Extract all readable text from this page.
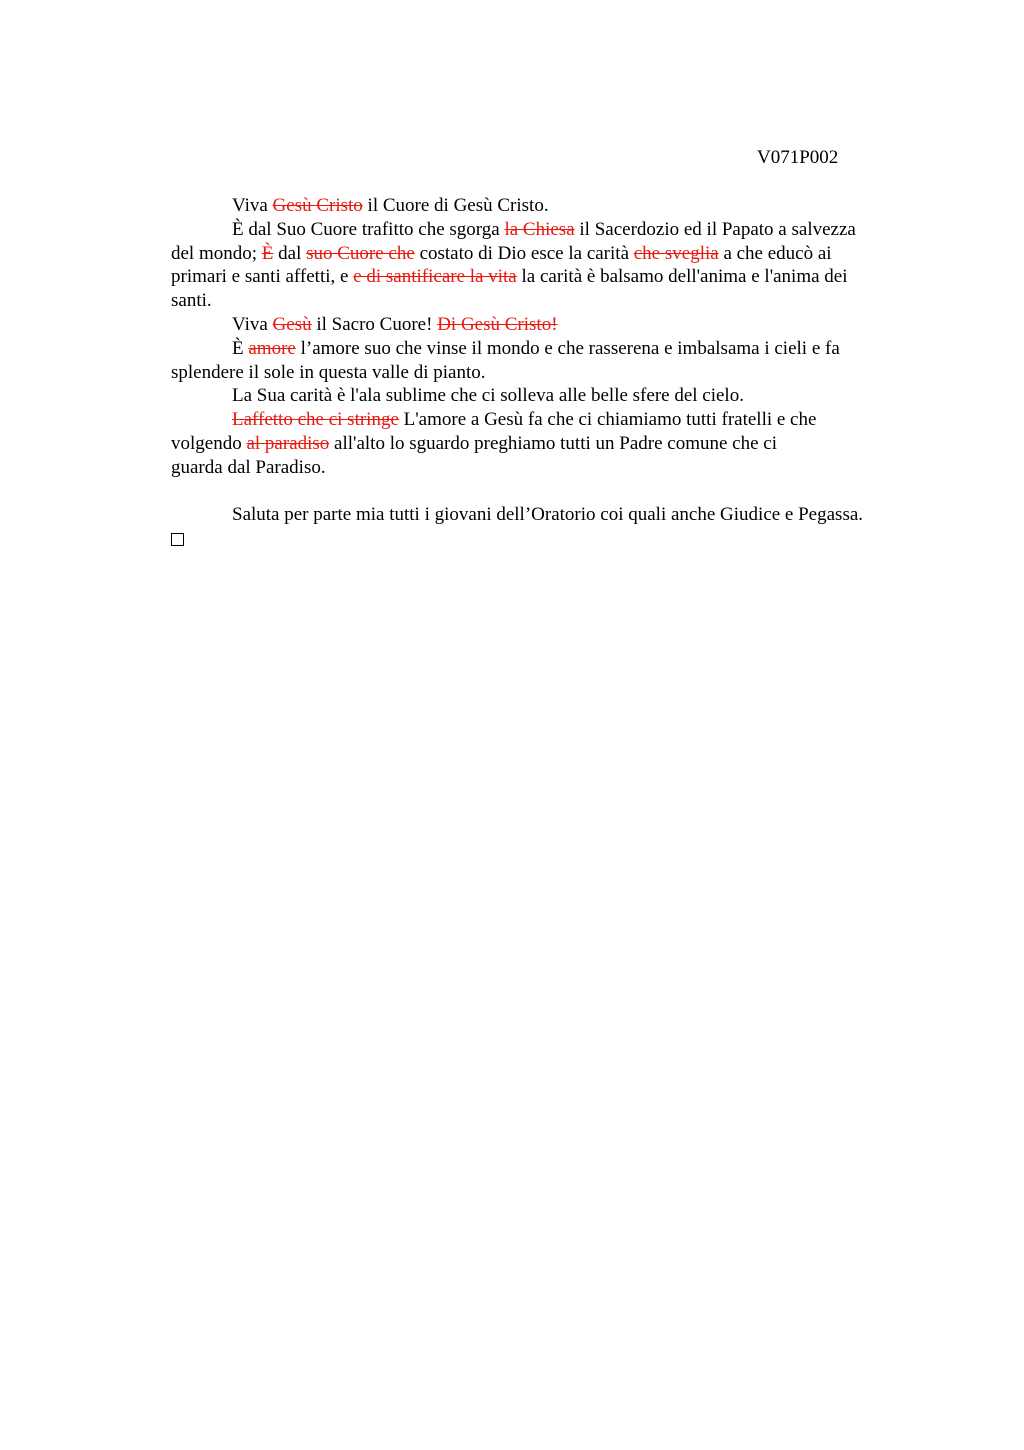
V071P002

Viva Gesù Cristo il Cuore di Gesù Cristo.

È dal Suo Cuore trafitto che sgorga la Chiesa il Sacerdozio ed il Papato a salvezza
del mondo; È dal suo Cuore che costato di Dio esce la carità che sveglia a che educò ai
primari e santi affetti, e e di santificare la vita la carità è balsamo dell'anima e l'anima dei
santi.

Viva Gesù il Sacro Cuore! Di Gesù Cristo!

È amore l’amore suo che vinse il mondo e che rasserena e imbalsama i cieli e fa
splendere il sole in questa valle di pianto.

La Sua carità è l'ala sublime che ci solleva alle belle sfere del cielo.

Laffetto che ci stringe L'amore a Gesù fa che ci chiamiamo tutti fratelli e che
volgendo al paradiso all'alto lo sguardo preghiamo tutti un Padre comune che ci
guarda dal Paradiso.

Saluta per parte mia tutti i giovani dell’Oratorio coi quali anche Giudice e Pegassa.
